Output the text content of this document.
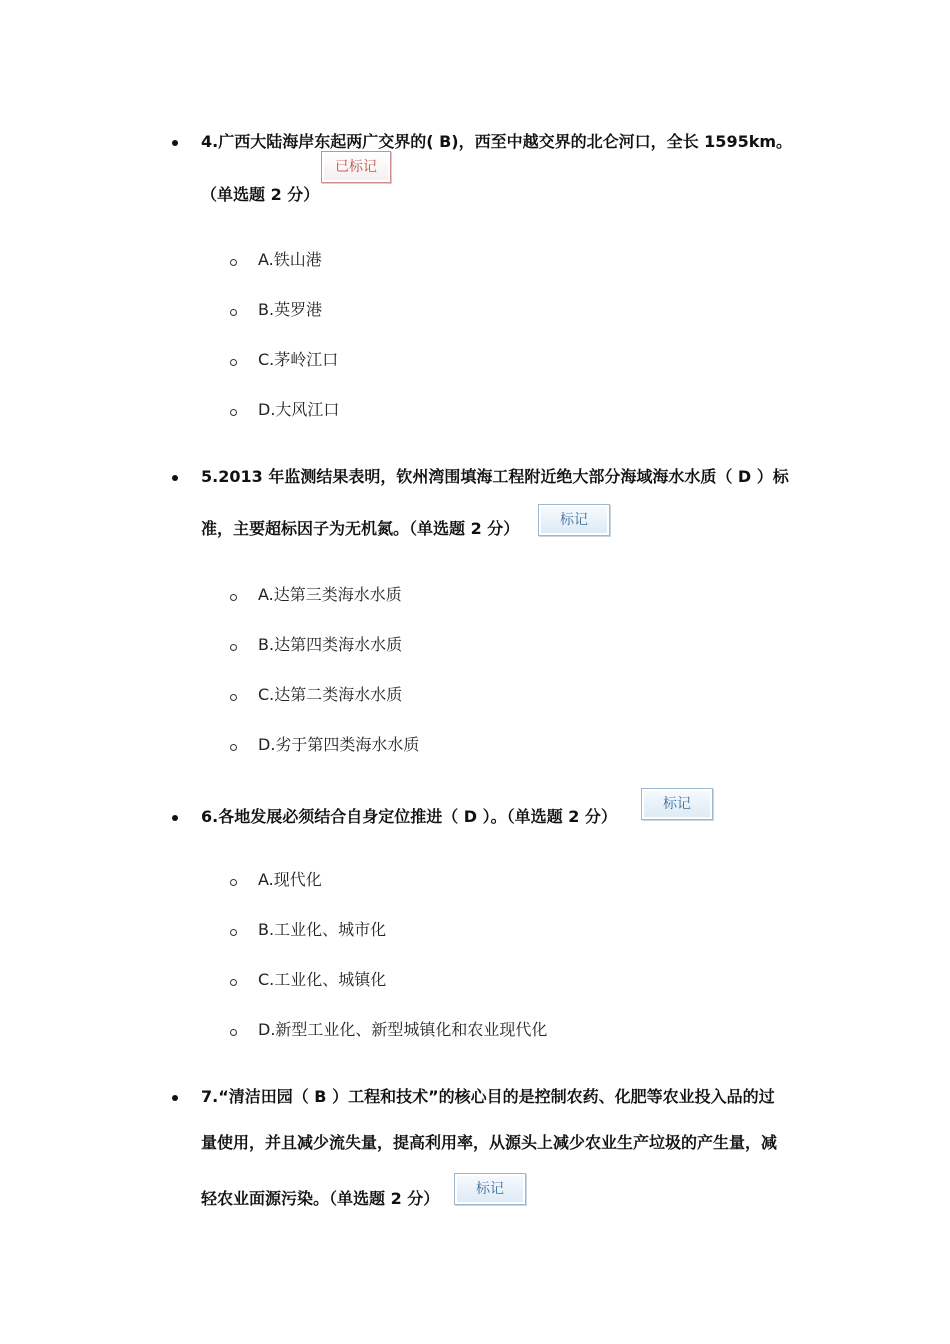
4.广西大陆海岸东起两广交界的( B)，西至中越交界的北仑河口，全长 1595km。
已标记
（单选题 2 分）
A.铁山港
B.英罗港
C.茅岭江口
D.大风江口
5.2013 年监测结果表明，钦州湾围填海工程附近绝大部分海域海水水质（ D ）标
准，主要超标因子为无机氮。（单选题 2 分）	标记
A.达第三类海水水质
B.达第四类海水水质
C.达第二类海水水质
D.劣于第四类海水水质
6.各地发展必须结合自身定位推进（ D ）。（单选题 2 分）
标记
A.现代化
B.工业化、城市化
C.工业化、城镇化
D.新型工业化、新型城镇化和农业现代化
7.“清洁田园（ B ）工程和技术”的核心目的是控制农药、化肥等农业投入品的过
量使用，并且减少流失量，提高利用率，从源头上减少农业生产垃圾的产生量，减
轻农业面源污染。（单选题 2 分）	标记
